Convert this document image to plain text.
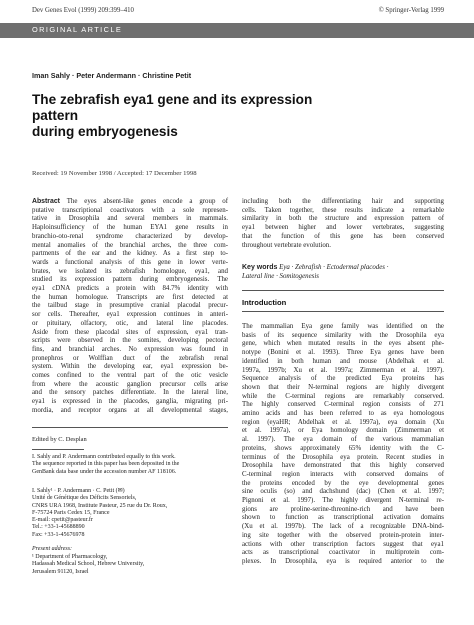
Dev Genes Evol (1999) 209:399–410	© Springer-Verlag 1999
ORIGINAL ARTICLE
Iman Sahly · Peter Andermann · Christine Petit
The zebrafish eya1 gene and its expression pattern
during embryogenesis
Received: 19 November 1998 / Accepted: 17 December 1998
Abstract The eyes absent-like genes encode a group of
putative transcriptional coactivators with a sole represen-
tative in Drosophila and several members in mammals.
Haploinsufficiency of the human EYA1 gene results in
branchio-oto-renal syndrome characterized by develop-
mental anomalies of the branchial arches, the three com-
partments of the ear and the kidney. As a first step to-
wards a functional analysis of this gene in lower verte-
brates, we isolated its zebrafish homologue, eya1, and
studied its expression pattern during embryogenesis. The
eya1 cDNA predicts a protein with 84.7% identity with
the human homologue. Transcripts are first detected at
the tailbud stage in presumptive cranial placodal precur-
sor cells. Thereafter, eya1 expression continues in anteri-
or pituitary, olfactory, otic, and lateral line placodes.
Aside from these placodal sites of expression, eya1 tran-
scripts were observed in the somites, developing pectoral
fins, and branchial arches. No expression was found in
pronephros or Wolffian duct of the zebrafish renal
system. Within the developing ear, eya1 expression be-
comes confined to the ventral part of the otic vesicle
from where the acoustic ganglion precursor cells arise
and the sensory patches differentiate. In the lateral line,
eya1 is expressed in the placodes, ganglia, migrating pri-
mordia, and receptor organs at all developmental stages,
Edited by C. Desplan
I. Sahly and P. Andermann contributed equally to this work.
The sequence reported in this paper has been deposited in the
GenBank data base under the accession number AF 118106.
I. Sahly¹ · P. Andermann · C. Petit (✉)
Unité de Génétique des Déficits Sensoriels,
CNRS URA 1968, Institute Pasteur, 25 rue du Dr. Roux,
F-75724 Paris Cedex 15, France
E-mail: cpetit@pasteur.fr
Tel.: +33-1-45688890
Fax: +33-1-45676978
Present address:
¹ Department of Pharmacology,
Hadassah Medical School, Hebrew University,
Jerusalem 91120, Israel
including both the differentiating hair and supporting
cells. Taken together, these results indicate a remarkable
similarity in both the structure and expression pattern of
eya1 between higher and lower vertebrates, suggesting
that the function of this gene has been conserved
throughout vertebrate evolution.
Key words Eya · Zebrafish · Ectodermal placodes ·
Lateral line · Somitogenesis
Introduction
The mammalian Eya gene family was identified on the
basis of its sequence similarity with the Drosophila eya
gene, which when mutated results in the eyes absent phe-
notype (Bonini et al. 1993). Three Eya genes have been
identified in both human and mouse (Abdelhak et al.
1997a, 1997b; Xu et al. 1997a; Zimmerman et al. 1997).
Sequence analysis of the predicted Eya proteins has
shown that their N-terminal regions are highly divergent
while the C-terminal regions are remarkably conserved.
The highly conserved C-terminal region consists of 271
amino acids and has been referred to as eya homologous
region (eyaHR; Abdelhak et al. 1997a), eya domain (Xu
et al. 1997a), or Eya homology domain (Zimmerman et
al. 1997). The eya domain of the various mammalian
proteins, shows approximately 65% identity with the C-
terminus of the Drosophila eya protein. Recent studies in
Drosophila have demonstrated that this highly conserved
C-terminal region interacts with conserved domains of
the proteins encoded by the eye developmental genes
sine oculis (so) and dachshund (dac) (Chen et al. 1997;
Pignoni et al. 1997). The highly divergent N-terminal re-
gions are proline-serine-threonine-rich and have been
shown to function as transcriptional activation domains
(Xu et al. 1997b). The lack of a recognizable DNA-bind-
ing site together with the observed protein-protein inter-
actions with other transcription factors suggest that eya1
acts as transcriptional coactivator in multiprotein com-
plexes. In Drosophila, eya is required anterior to the
